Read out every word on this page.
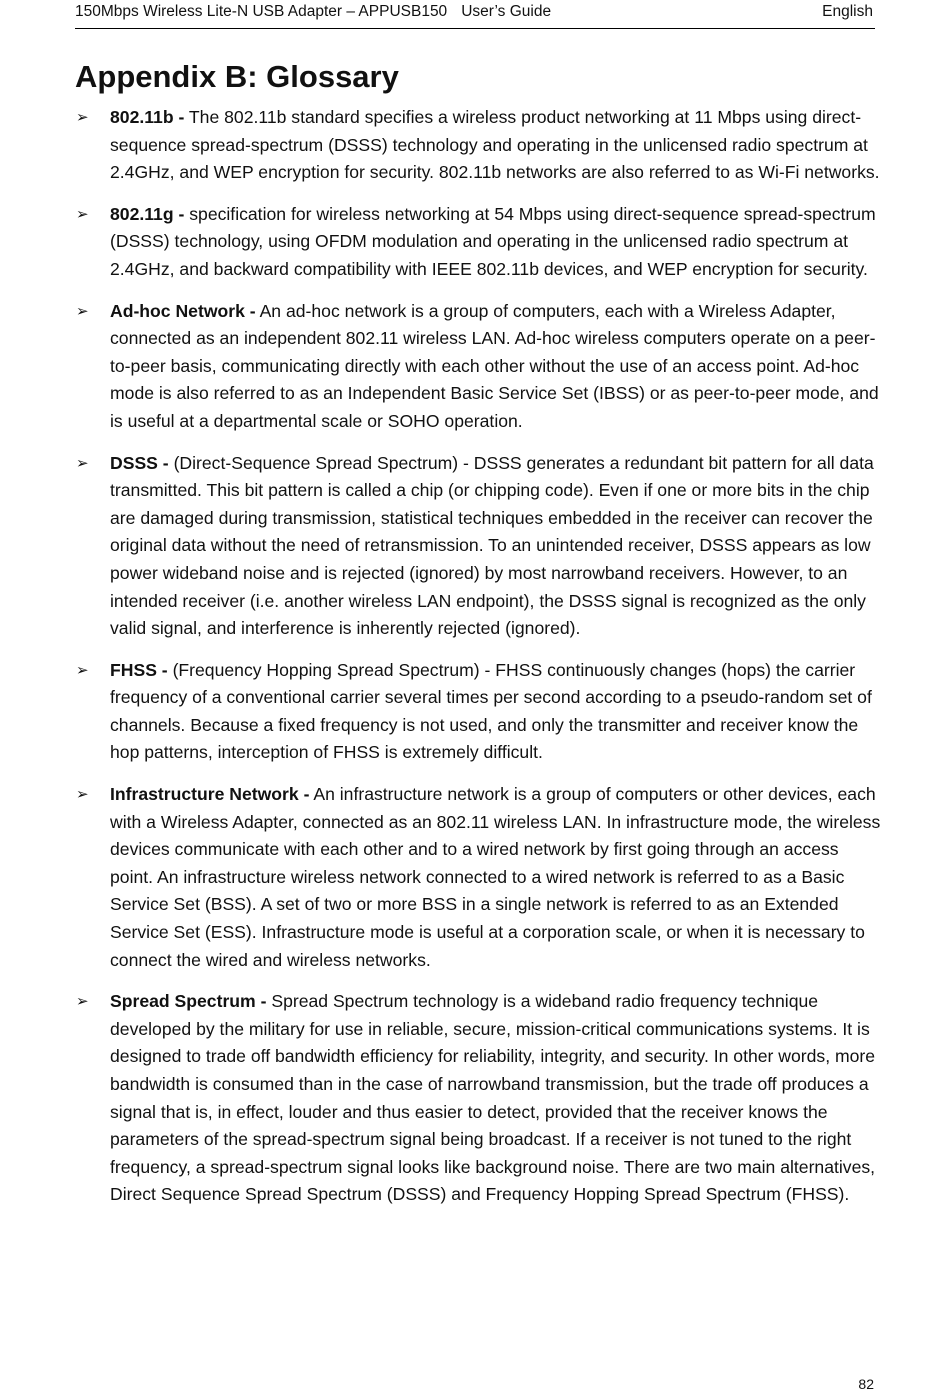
150Mbps Wireless Lite-N USB Adapter – APPUSB150 User’s Guide	English
Appendix B: Glossary
➢ 802.11b - The 802.11b standard specifies a wireless product networking at 11 Mbps using direct-sequence spread-spectrum (DSSS) technology and operating in the unlicensed radio spectrum at 2.4GHz, and WEP encryption for security. 802.11b networks are also referred to as Wi-Fi networks.
➢ 802.11g - specification for wireless networking at 54 Mbps using direct-sequence spread-spectrum (DSSS) technology, using OFDM modulation and operating in the unlicensed radio spectrum at 2.4GHz, and backward compatibility with IEEE 802.11b devices, and WEP encryption for security.
➢ Ad-hoc Network - An ad-hoc network is a group of computers, each with a Wireless Adapter, connected as an independent 802.11 wireless LAN. Ad-hoc wireless computers operate on a peer-to-peer basis, communicating directly with each other without the use of an access point. Ad-hoc mode is also referred to as an Independent Basic Service Set (IBSS) or as peer-to-peer mode, and is useful at a departmental scale or SOHO operation.
➢ DSSS - (Direct-Sequence Spread Spectrum) - DSSS generates a redundant bit pattern for all data transmitted. This bit pattern is called a chip (or chipping code). Even if one or more bits in the chip are damaged during transmission, statistical techniques embedded in the receiver can recover the original data without the need of retransmission. To an unintended receiver, DSSS appears as low power wideband noise and is rejected (ignored) by most narrowband receivers. However, to an intended receiver (i.e. another wireless LAN endpoint), the DSSS signal is recognized as the only valid signal, and interference is inherently rejected (ignored).
➢ FHSS - (Frequency Hopping Spread Spectrum) - FHSS continuously changes (hops) the carrier frequency of a conventional carrier several times per second according to a pseudo-random set of channels. Because a fixed frequency is not used, and only the transmitter and receiver know the hop patterns, interception of FHSS is extremely difficult.
➢ Infrastructure Network - An infrastructure network is a group of computers or other devices, each with a Wireless Adapter, connected as an 802.11 wireless LAN. In infrastructure mode, the wireless devices communicate with each other and to a wired network by first going through an access point. An infrastructure wireless network connected to a wired network is referred to as a Basic Service Set (BSS). A set of two or more BSS in a single network is referred to as an Extended Service Set (ESS). Infrastructure mode is useful at a corporation scale, or when it is necessary to connect the wired and wireless networks.
➢ Spread Spectrum - Spread Spectrum technology is a wideband radio frequency technique developed by the military for use in reliable, secure, mission-critical communications systems. It is designed to trade off bandwidth efficiency for reliability, integrity, and security. In other words, more bandwidth is consumed than in the case of narrowband transmission, but the trade off produces a signal that is, in effect, louder and thus easier to detect, provided that the receiver knows the parameters of the spread-spectrum signal being broadcast. If a receiver is not tuned to the right frequency, a spread-spectrum signal looks like background noise. There are two main alternatives, Direct Sequence Spread Spectrum (DSSS) and Frequency Hopping Spread Spectrum (FHSS).
82
